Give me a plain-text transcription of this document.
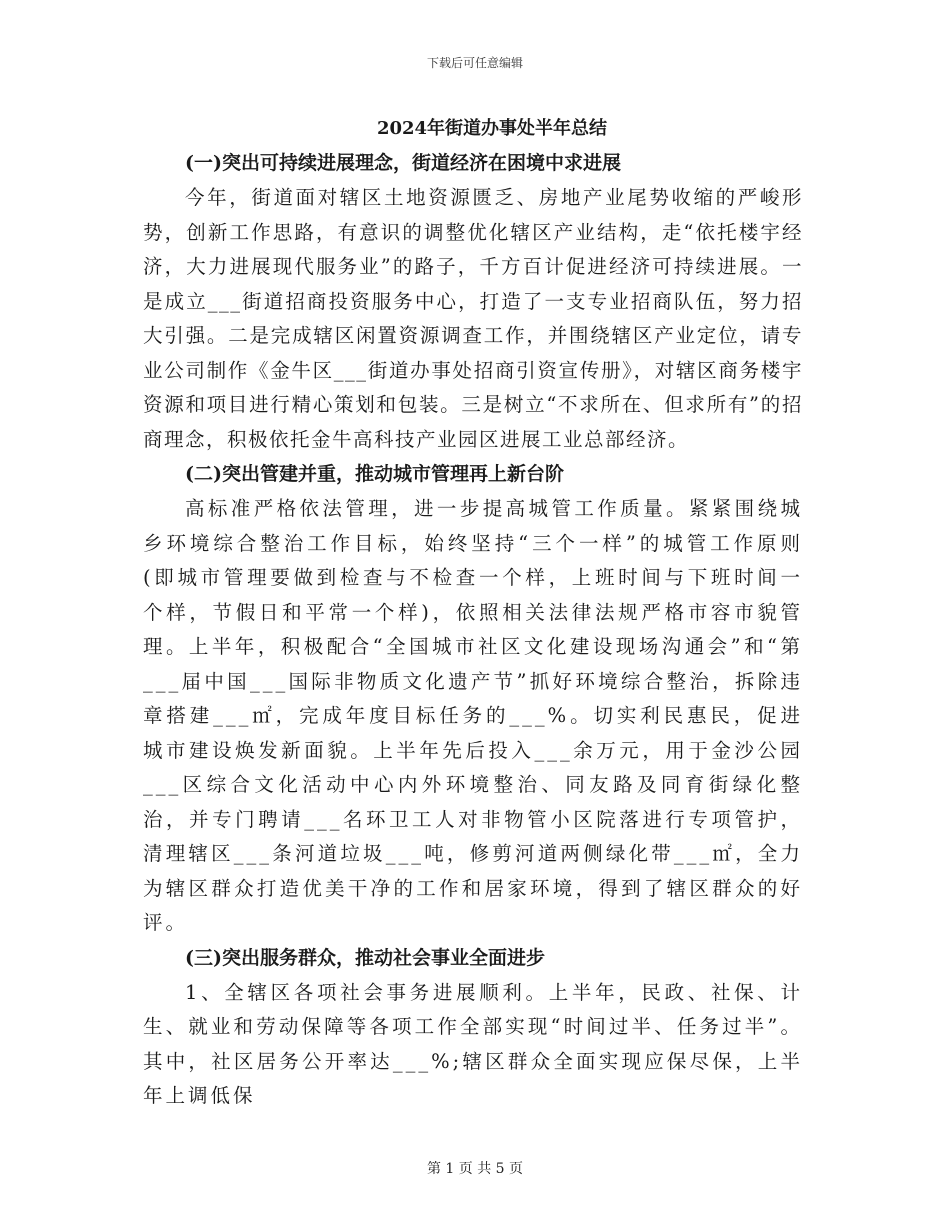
下载后可任意编辑
2024年街道办事处半年总结
(一)突出可持续进展理念，街道经济在困境中求进展

今年，街道面对辖区土地资源匮乏、房地产业尾势收缩的严峻形势，创新工作思路，有意识的调整优化辖区产业结构，走“依托楼宇经济，大力进展现代服务业”的路子，千方百计促进经济可持续进展。一是成立___街道招商投资服务中心，打造了一支专业招商队伍，努力招大引强。二是完成辖区闲置资源调查工作，并围绕辖区产业定位，请专业公司制作《金牛区___街道办事处招商引资宣传册》，对辖区商务楼宇资源和项目进行精心策划和包装。三是树立“不求所在、但求所有”的招商理念，积极依托金牛高科技产业园区进展工业总部经济。

(二)突出管建并重，推动城市管理再上新台阶

高标准严格依法管理，进一步提高城管工作质量。紧紧围绕城乡环境综合整治工作目标，始终坚持“三个一样”的城管工作原则(即城市管理要做到检查与不检查一个样，上班时间与下班时间一个样，节假日和平常一个样)，依照相关法律法规严格市容市貌管理。上半年，积极配合“全国城市社区文化建设现场沟通会”和“第___届中国___国际非物质文化遗产节”抓好环境综合整治，拆除违章搭建___㎡，完成年度目标任务的___%。切实利民惠民，促进城市建设焕发新面貌。上半年先后投入___余万元，用于金沙公园___区综合文化活动中心内外环境整治、同友路及同育街绿化整治，并专门聘请___名环卫工人对非物管小区院落进行专项管护，清理辖区___条河道垃圾___吨，修剪河道两侧绿化带___㎡，全力为辖区群众打造优美干净的工作和居家环境，得到了辖区群众的好评。

(三)突出服务群众，推动社会事业全面进步

1、全辖区各项社会事务进展顺利。上半年，民政、社保、计生、就业和劳动保障等各项工作全部实现“时间过半、任务过半”。其中，社区居务公开率达___%;辖区群众全面实现应保尽保，上半年上调低保

第 1 页 共 5 页
